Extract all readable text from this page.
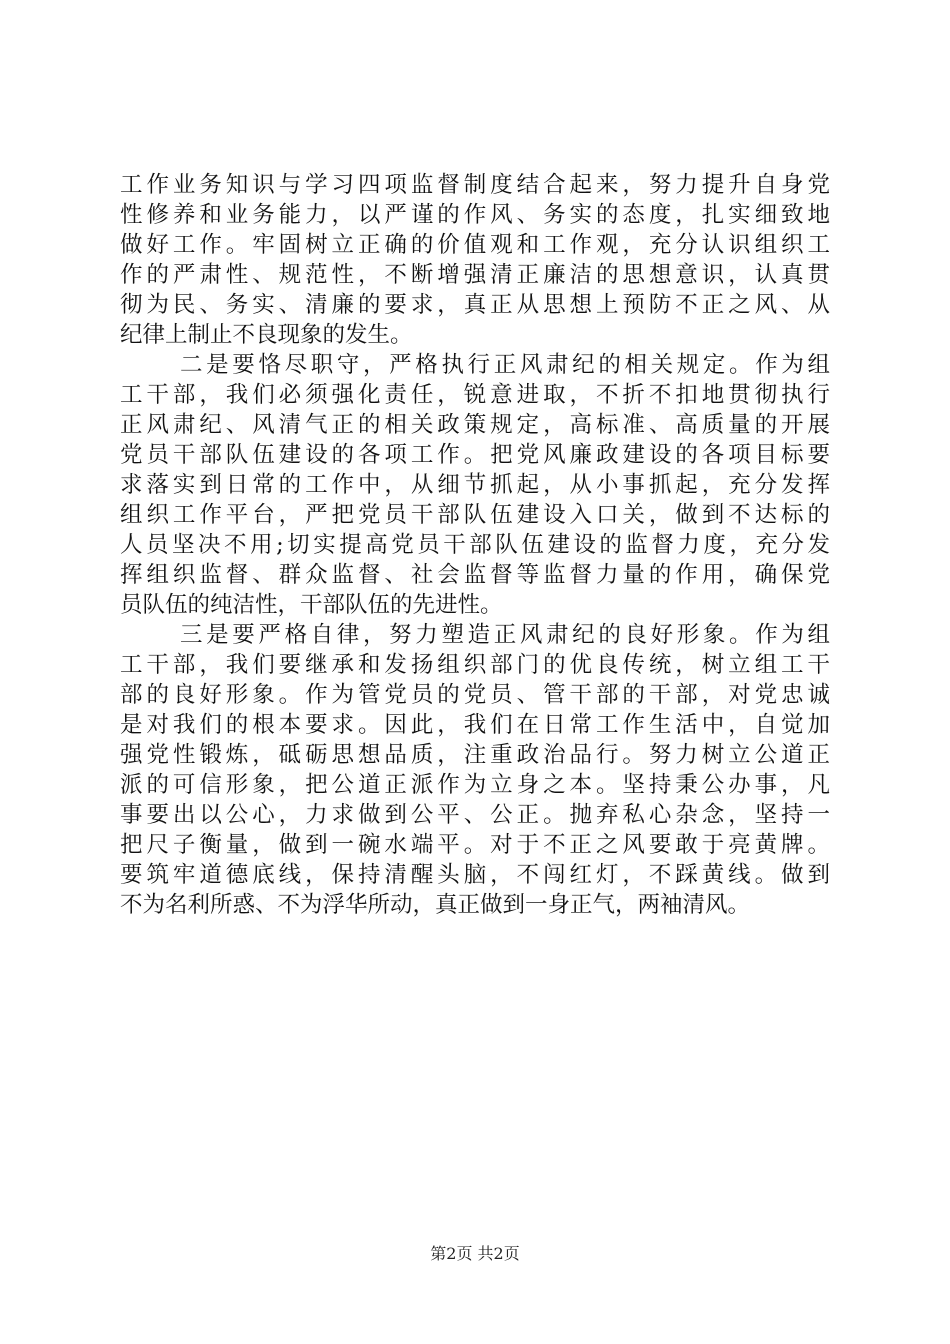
工作业务知识与学习四项监督制度结合起来，努力提升自身党
性修养和业务能力，以严谨的作风、务实的态度，扎实细致地
做好工作。牢固树立正确的价值观和工作观，充分认识组织工
作的严肃性、规范性，不断增强清正廉洁的思想意识，认真贯
彻为民、务实、清廉的要求，真正从思想上预防不正之风、从
纪律上制止不良现象的发生。
二是要恪尽职守，严格执行正风肃纪的相关规定。作为组
工干部，我们必须强化责任，锐意进取，不折不扣地贯彻执行
正风肃纪、风清气正的相关政策规定，高标准、高质量的开展
党员干部队伍建设的各项工作。把党风廉政建设的各项目标要
求落实到日常的工作中，从细节抓起，从小事抓起，充分发挥
组织工作平台，严把党员干部队伍建设入口关，做到不达标的
人员坚决不用;切实提高党员干部队伍建设的监督力度，充分发
挥组织监督、群众监督、社会监督等监督力量的作用，确保党
员队伍的纯洁性，干部队伍的先进性。
三是要严格自律，努力塑造正风肃纪的良好形象。作为组
工干部，我们要继承和发扬组织部门的优良传统，树立组工干
部的良好形象。作为管党员的党员、管干部的干部，对党忠诚
是对我们的根本要求。因此，我们在日常工作生活中，自觉加
强党性锻炼，砥砺思想品质，注重政治品行。努力树立公道正
派的可信形象，把公道正派作为立身之本。坚持秉公办事，凡
事要出以公心，力求做到公平、公正。抛弃私心杂念，坚持一
把尺子衡量，做到一碗水端平。对于不正之风要敢于亮黄牌。
要筑牢道德底线，保持清醒头脑，不闯红灯，不踩黄线。做到
不为名利所惑、不为浮华所动，真正做到一身正气，两袖清风。
第2页 共2页
